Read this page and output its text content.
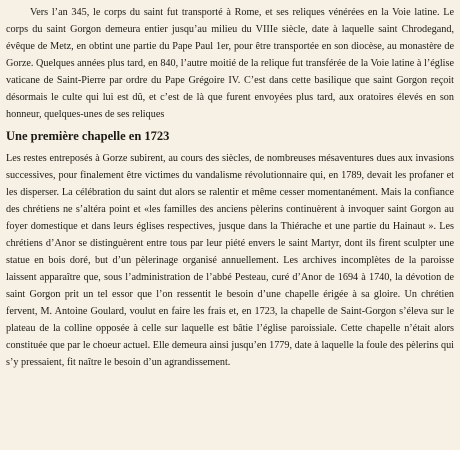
Vers l’an 345, le corps du saint fut transporté à Rome, et ses reliques vénérées en la Voie latine. Le corps du saint Gorgon demeura entier jusqu’au milieu du VIIIe siècle, date à laquelle saint Chrodegand, évêque de Metz, en obtint une partie du Pape Paul 1er, pour être transportée en son diocèse, au monastère de Gorze. Quelques années plus tard, en 840, l’autre moitié de la relique fut transférée de la Voie latine à l’église vaticane de Saint-Pierre par ordre du Pape Grégoire IV. C’est dans cette basilique que saint Gorgon reçoit désormais le culte qui lui est dû, et c’est de là que furent envoyées plus tard, aux oratoires élevés en son honneur, quelques-unes de ses reliques

Une première chapelle en 1723

Les restes entreposés à Gorze subirent, au cours des siècles, de nombreuses mésaventures dues aux invasions successives, pour finalement être victimes du vandalisme révolutionnaire qui, en 1789, devait les profaner et les disperser. La célébration du saint dut alors se ralentir et même cesser momentanément. Mais la confiance des chrétiens ne s’altéra point et «les familles des anciens pèlerins continuèrent à invoquer saint Gorgon au foyer domestique et dans leurs églises respectives, jusque dans la Thiérache et une partie du Hainaut ». Les chrétiens d’Anor se distinguèrent entre tous par leur piété envers le saint Martyr, dont ils firent sculpter une statue en bois doré, but d’un pèlerinage organisé annuellement. Les archives incomplètes de la paroisse laissent apparaître que, sous l’administration de l’abbé Pesteau, curé d’Anor de 1694 à 1740, la dévotion de saint Gorgon prit un tel essor que l’on ressentit le besoin d’une chapelle érigée à sa gloire. Un chrétien fervent, M. Antoine Goulard, voulut en faire les frais et, en 1723, la chapelle de Saint-Gorgon s’éleva sur le plateau de la colline opposée à celle sur laquelle est bâtie l’église paroissiale. Cette chapelle n’était alors constituée que par le choeur actuel. Elle demeura ainsi jusqu’en 1779, date à laquelle la foule des pèlerins qui s’y pressaient, fit naître le besoin d’un agrandissement.
